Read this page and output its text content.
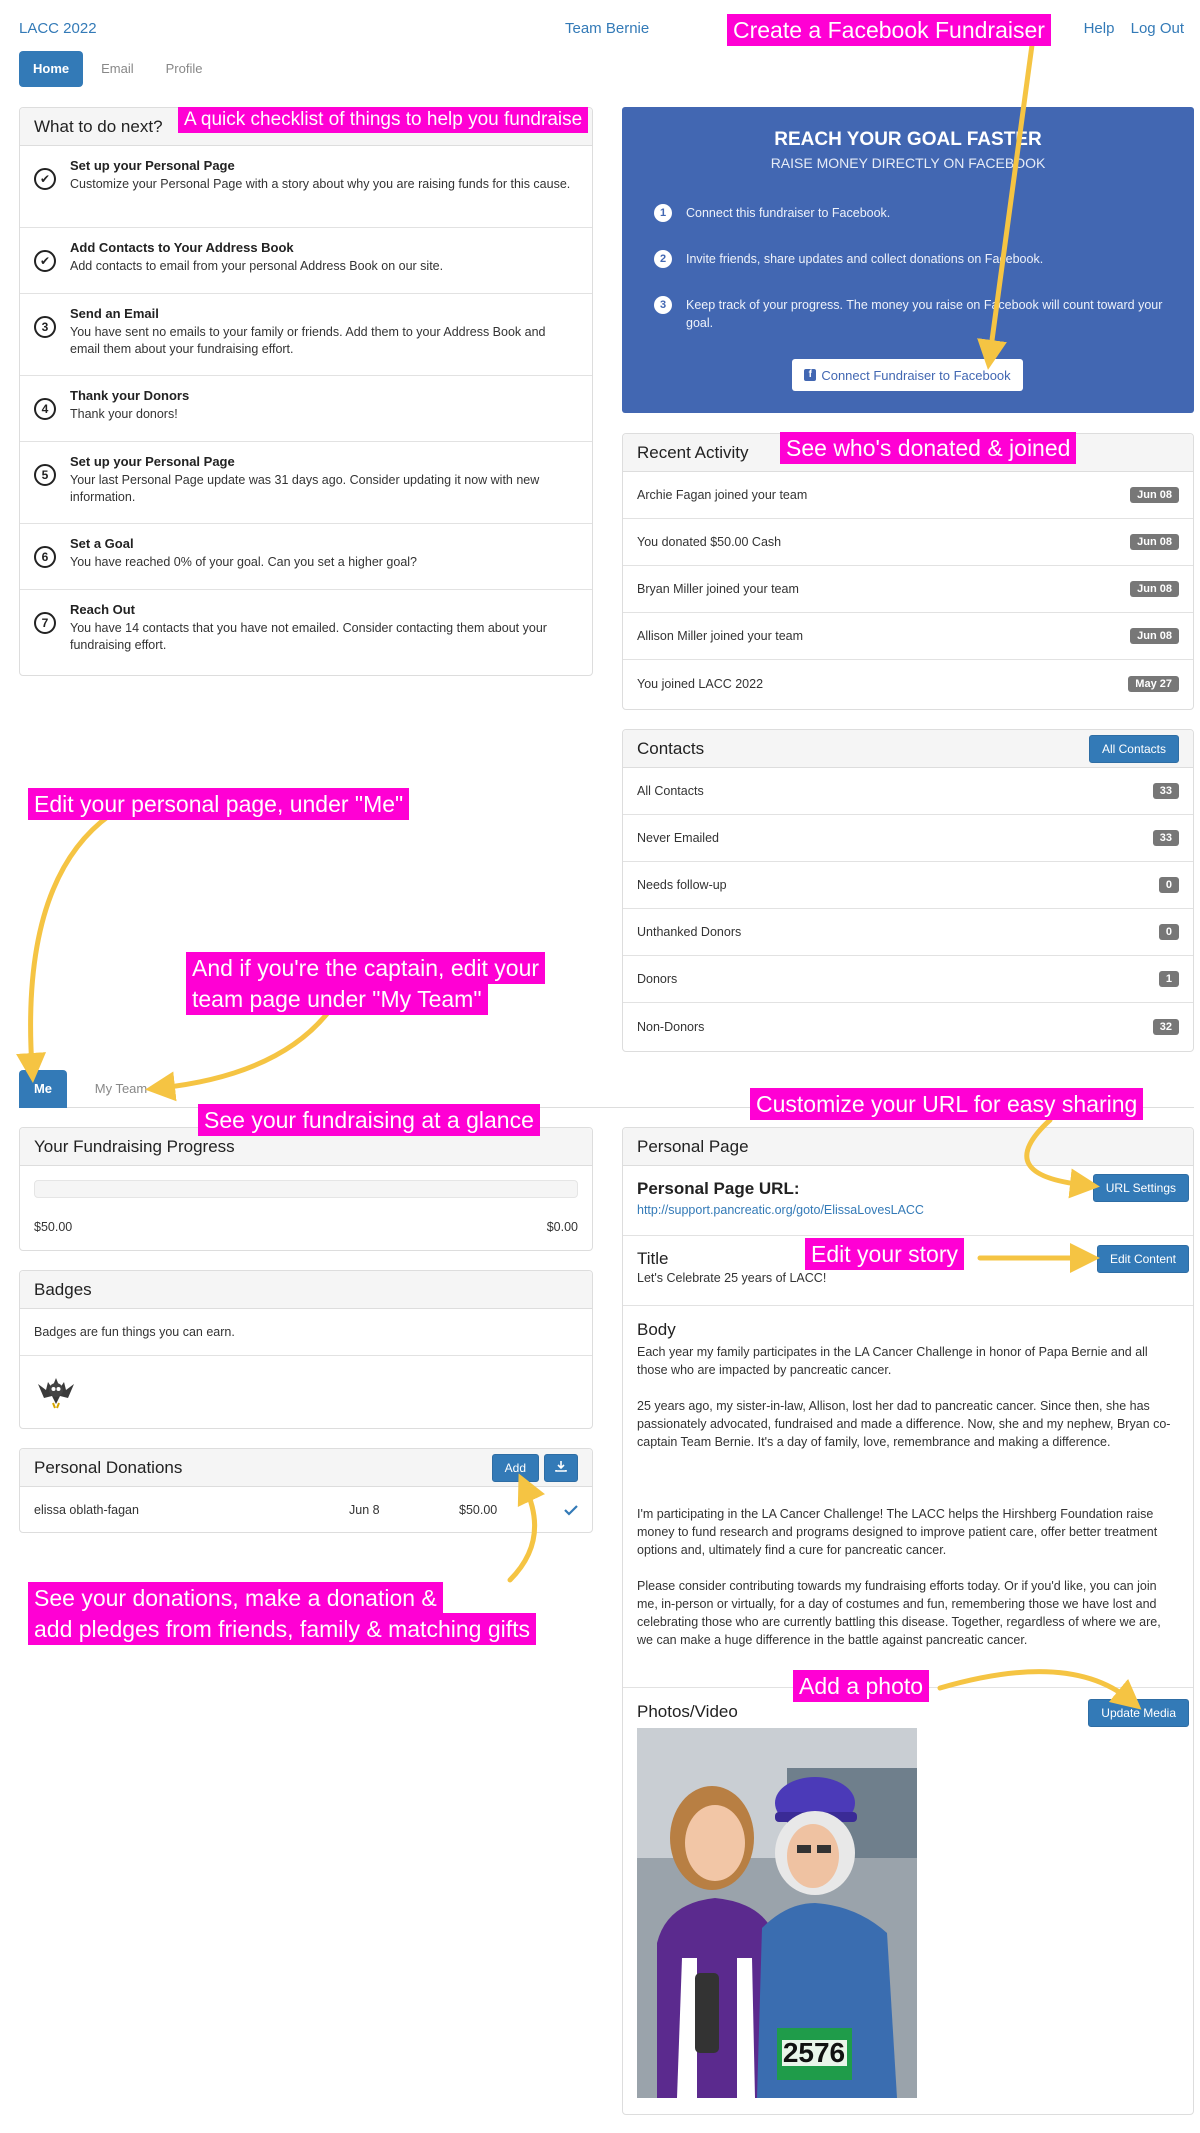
LACC 2022	Team Bernie	Help Log Out
Home	Email	Profile
What to do next?
✔
Set up your Personal Page
Customize your Personal Page with a story about why you are raising funds for this cause.
✔
Add Contacts to Your Address Book
Add contacts to email from your personal Address Book on our site.
3
Send an Email
You have sent no emails to your family or friends. Add them to your Address Book and email them about your fundraising effort.
4
Thank your Donors
Thank your donors!
5
Set up your Personal Page
Your last Personal Page update was 31 days ago. Consider updating it now with new information.
6
Set a Goal
You have reached 0% of your goal. Can you set a higher goal?
7
Reach Out
You have 14 contacts that you have not emailed. Consider contacting them about your fundraising effort.
REACH YOUR GOAL FASTER
RAISE MONEY DIRECTLY ON FACEBOOK
1	Connect this fundraiser to Facebook.
2	Invite friends, share updates and collect donations on Facebook.
3	Keep track of your progress. The money you raise on Facebook will count toward your goal.
f Connect Fundraiser to Facebook
Recent Activity
Archie Fagan joined your team	Jun 08
You donated $50.00 Cash	Jun 08
Bryan Miller joined your team	Jun 08
Allison Miller joined your team	Jun 08
You joined LACC 2022	May 27
Contacts	All Contacts
All Contacts	33
Never Emailed	33
Needs follow-up	0
Unthanked Donors	0
Donors	1
Non-Donors	32
Me	My Team
Your Fundraising Progress
$50.00	$0.00
Badges
Badges are fun things you can earn.
Personal Donations	Add
elissa oblath-fagan	Jun 8	$50.00
Personal Page
Personal Page URL:
http://support.pancreatic.org/goto/ElissaLovesLACC
URL Settings
Title
Let's Celebrate 25 years of LACC!
Edit Content
Body

Each year my family participates in the LA Cancer Challenge in honor of Papa Bernie and all those who are impacted by pancreatic cancer.

25 years ago, my sister-in-law, Allison, lost her dad to pancreatic cancer. Since then, she has passionately advocated, fundraised and made a difference. Now, she and my nephew, Bryan co-captain Team Bernie. It's a day of family, love, remembrance and making a difference.

I'm participating in the LA Cancer Challenge! The LACC helps the Hirshberg Foundation raise money to fund research and programs designed to improve patient care, offer better treatment options and, ultimately find a cure for pancreatic cancer.

Please consider contributing towards my fundraising efforts today. Or if you'd like, you can join me, in-person or virtually, for a day of costumes and fun, remembering those we have lost and celebrating those who are currently battling this disease. Together, regardless of where we are, we can make a huge difference in the battle against pancreatic cancer.

Photos/Video	Update Media
2576
Create a Facebook Fundraiser
A quick checklist of things to help you fundraise
See who's donated & joined
Edit your personal page, under "Me"
And if you're the captain, edit your
team page under "My Team"
See your fundraising at a glance
Customize your URL for easy sharing
Edit your story
See your donations, make a donation &
add pledges from friends, family & matching gifts
Add a photo
